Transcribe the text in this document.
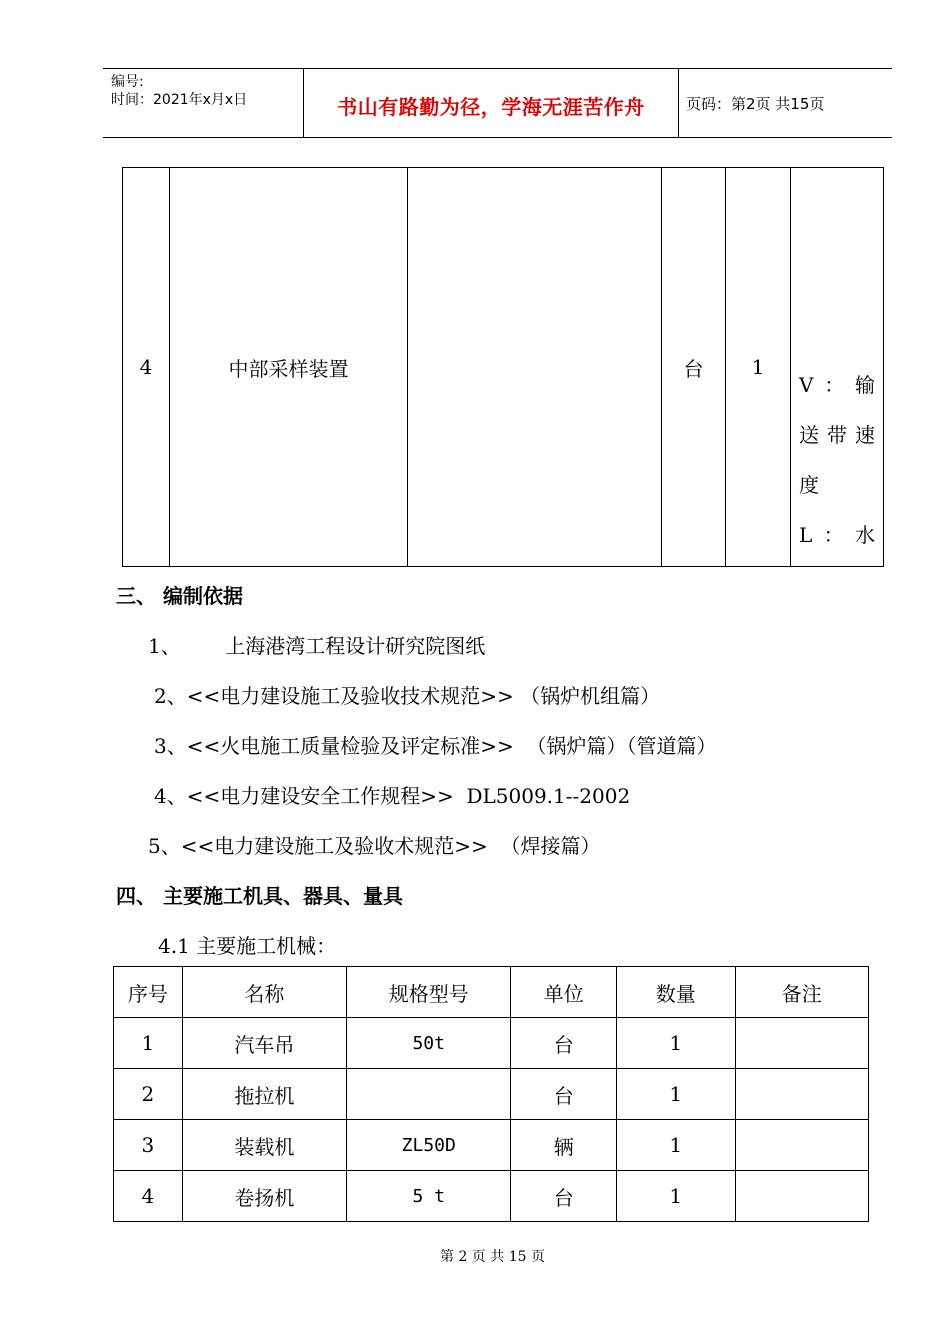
编号:
时间：2021年x月x日	书山有路勤为径，学海无涯苦作舟	页码：第2页 共15页
4	中部采样装置		台	1	
V ： 输
送 带 速
度
L ： 水
三、 编制依据
1、       上海港湾工程设计研究院图纸
2、<<电力建设施工及验收技术规范>> （锅炉机组篇）
3、<<火电施工质量检验及评定标准>>  （锅炉篇）（管道篇）
4、<<电力建设安全工作规程>>  DL5009.1--2002
5、<<电力建设施工及验收术规范>>  （焊接篇）
四、 主要施工机具、器具、量具
4.1 主要施工机械：
序号	名称	规格型号	单位	数量	备注
1	汽车吊	50t	台	1	
2	拖拉机		台	1	
3	装载机	ZL50D	辆	1	
4	卷扬机	5 t	台	1	
第 2 页 共 15 页
